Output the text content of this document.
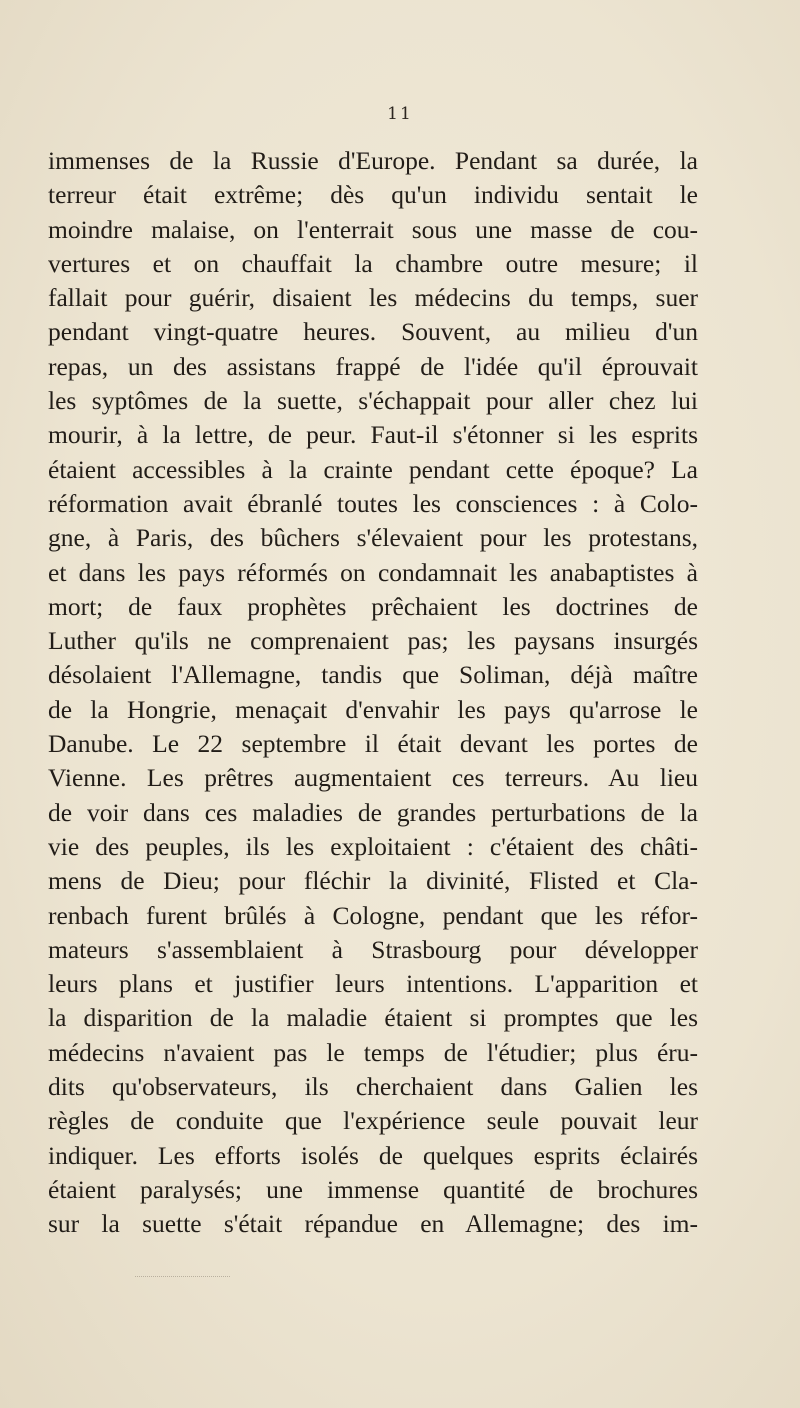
11
immenses de la Russie d'Europe. Pendant sa durée, la
terreur était extrême; dès qu'un individu sentait le
moindre malaise, on l'enterrait sous une masse de cou-
vertures et on chauffait la chambre outre mesure; il
fallait pour guérir, disaient les médecins du temps, suer
pendant vingt-quatre heures. Souvent, au milieu d'un
repas, un des assistans frappé de l'idée qu'il éprouvait
les syptômes de la suette, s'échappait pour aller chez lui
mourir, à la lettre, de peur. Faut-il s'étonner si les esprits
étaient accessibles à la crainte pendant cette époque? La
réformation avait ébranlé toutes les consciences : à Colo-
gne, à Paris, des bûchers s'élevaient pour les protestans,
et dans les pays réformés on condamnait les anabaptistes à
mort; de faux prophètes prêchaient les doctrines de
Luther qu'ils ne comprenaient pas; les paysans insurgés
désolaient l'Allemagne, tandis que Soliman, déjà maître
de la Hongrie, menaçait d'envahir les pays qu'arrose le
Danube. Le 22 septembre il était devant les portes de
Vienne. Les prêtres augmentaient ces terreurs. Au lieu
de voir dans ces maladies de grandes perturbations de la
vie des peuples, ils les exploitaient : c'étaient des châti-
mens de Dieu; pour fléchir la divinité, Flisted et Cla-
renbach furent brûlés à Cologne, pendant que les réfor-
mateurs s'assemblaient à Strasbourg pour développer
leurs plans et justifier leurs intentions. L'apparition et
la disparition de la maladie étaient si promptes que les
médecins n'avaient pas le temps de l'étudier; plus éru-
dits qu'observateurs, ils cherchaient dans Galien les
règles de conduite que l'expérience seule pouvait leur
indiquer. Les efforts isolés de quelques esprits éclairés
étaient paralysés; une immense quantité de brochures
sur la suette s'était répandue en Allemagne; des im-
